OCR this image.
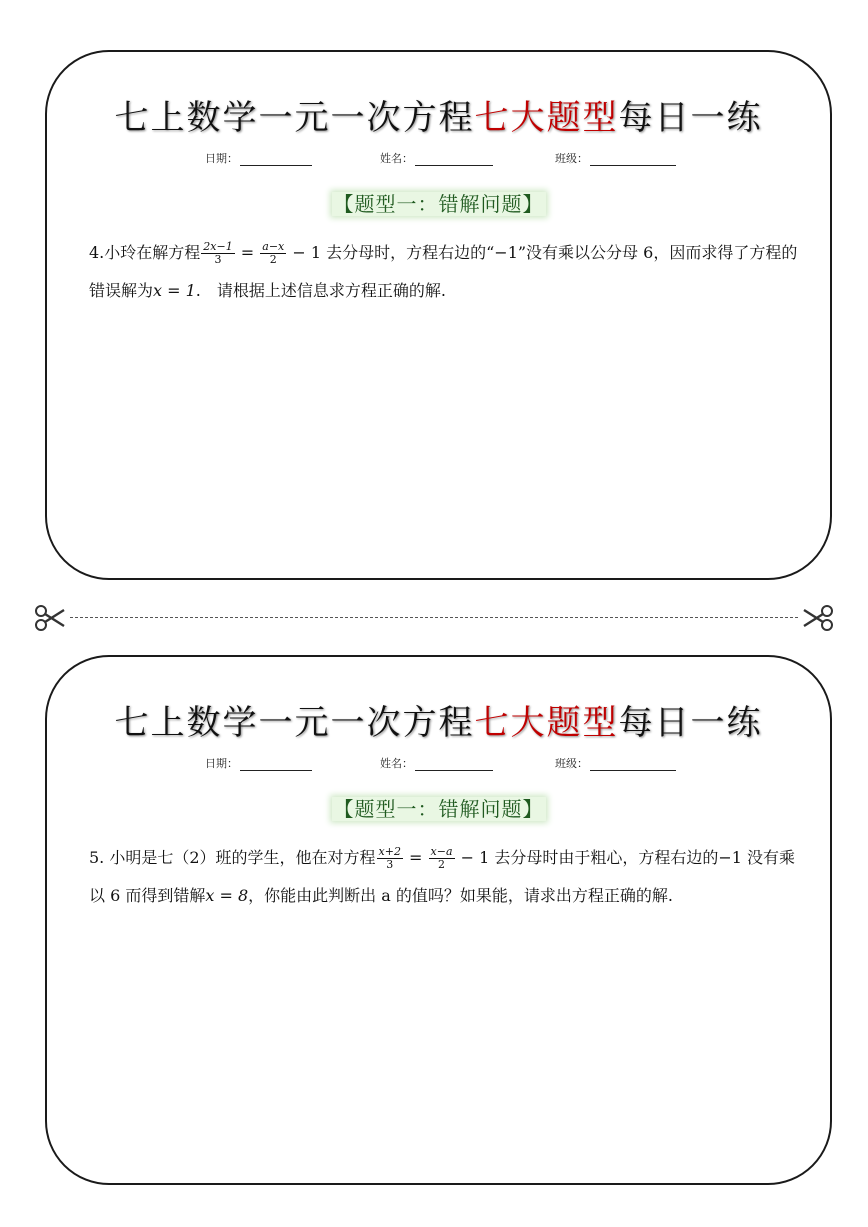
七上数学一元一次方程七大题型每日一练
日期：	姓名：	班级：
【题型一：错解问题】
4.小玲在解方程 $\frac{2x-1}{3} = \frac{a-x}{2} - 1$ 去分母时，方程右边的“−1”没有乘以公分母 6，因而求得了方程的错误解为x = 1.　请根据上述信息求方程正确的解.
七上数学一元一次方程七大题型每日一练
日期：	姓名：	班级：
【题型一：错解问题】
5. 小明是七（2）班的学生，他在对方程 $\frac{x+2}{3} = \frac{x-a}{2} - 1$ 去分母时由于粗心，方程右边的−1 没有乘以 6 而得到错解x = 8，你能由此判断出 a 的值吗？如果能，请求出方程正确的解.
